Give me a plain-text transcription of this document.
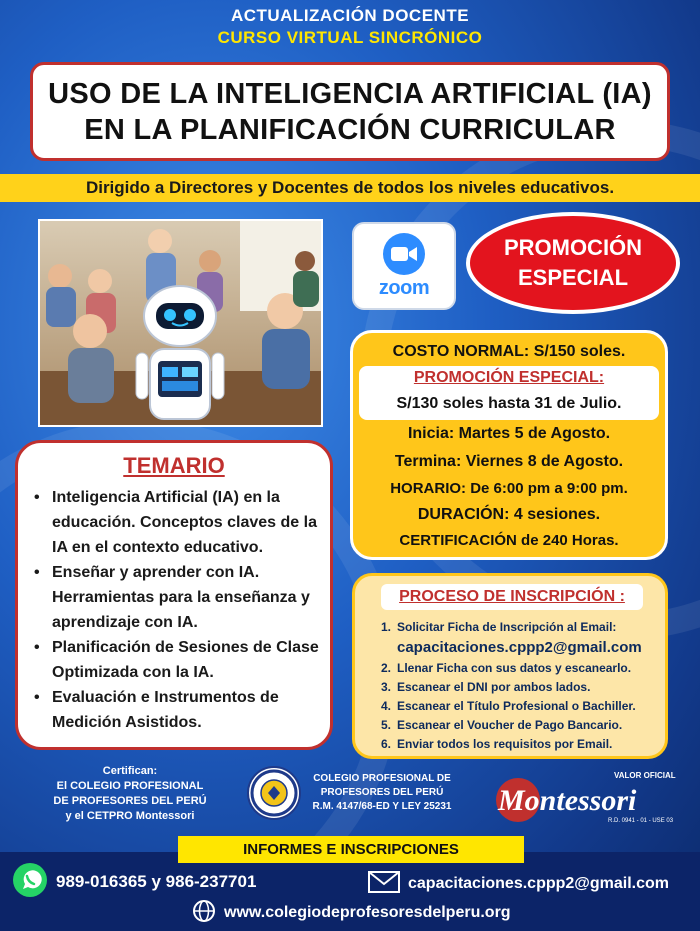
ACTUALIZACIÓN DOCENTE
CURSO VIRTUAL SINCRÓNICO
USO DE LA INTELIGENCIA ARTIFICIAL (IA)
EN LA PLANIFICACIÓN CURRICULAR
Dirigido a Directores y Docentes de todos los niveles educativos.
zoom
PROMOCIÓN
ESPECIAL
COSTO NORMAL: S/150 soles.
PROMOCIÓN ESPECIAL:
S/130 soles hasta 31 de Julio.
Inicia: Martes 5 de Agosto.
Termina: Viernes 8 de Agosto.
HORARIO: De 6:00 pm a 9:00 pm.
DURACIÓN: 4 sesiones.
CERTIFICACIÓN de 240 Horas.
TEMARIO
• Inteligencia Artificial (IA) en la educación. Conceptos claves de la IA en el contexto educativo.
• Enseñar y aprender con IA. Herramientas para la enseñanza y aprendizaje con IA.
• Planificación de Sesiones de Clase Optimizada con la IA.
• Evaluación e Instrumentos de Medición Asistidos.
PROCESO DE INSCRIPCIÓN :
1. Solicitar Ficha de Inscripción al Email:
capacitaciones.cppp2@gmail.com
2. Llenar Ficha con sus datos y escanearlo.
3. Escanear el DNI por ambos lados.
4. Escanear el Título Profesional o Bachiller.
5. Escanear el Voucher de Pago Bancario.
6. Enviar todos los requisitos por Email.
Certifican:
El COLEGIO PROFESIONAL
DE PROFESORES DEL PERÚ
y el CETPRO Montessori
COLEGIO PROFESIONAL DE
PROFESORES DEL PERÚ
R.M. 4147/68-ED Y LEY 25231
VALOR OFICIAL
Montessori
R.D. 0941 - 01 - USE 03
INFORMES E INSCRIPCIONES
989-016365 y 986-237701	capacitaciones.cppp2@gmail.com
www.colegiodeprofesoresdelperu.org
